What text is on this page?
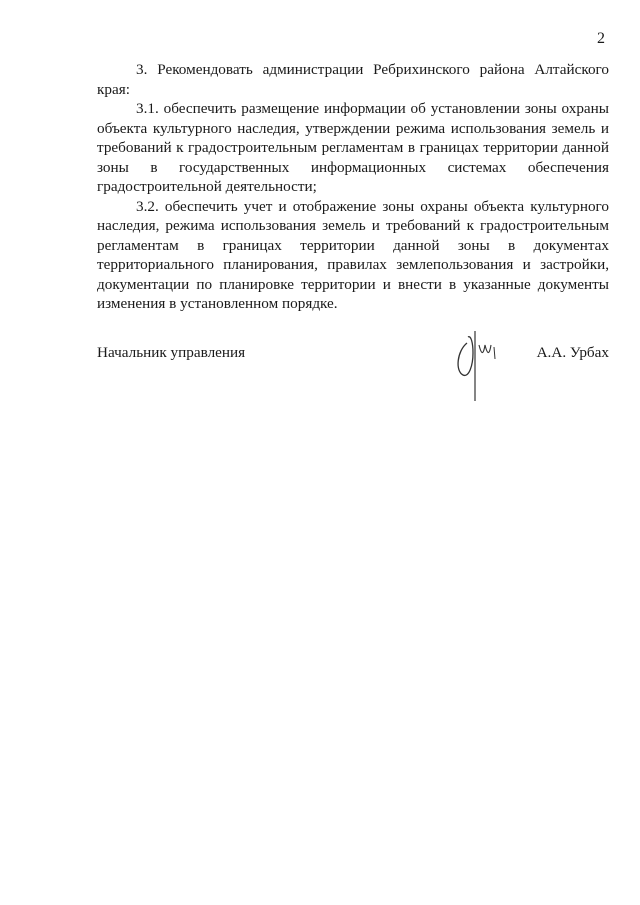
2

3. Рекомендовать администрации Ребрихинского района Алтайского края:

3.1. обеспечить размещение информации об установлении зоны охраны объекта культурного наследия, утверждении режима использования земель и требований к градостроительным регламентам в границах территории данной зоны в государственных информационных системах обеспечения градостроительной деятельности;

3.2. обеспечить учет и отображение зоны охраны объекта культурного наследия, режима использования земель и требований к градостроительным регламентам в границах территории данной зоны в документах территориального планирования, правилах землепользования и застройки, документации по планировке территории и внести в указанные документы изменения в установленном порядке.

Начальник управления	А.А. Урбах
